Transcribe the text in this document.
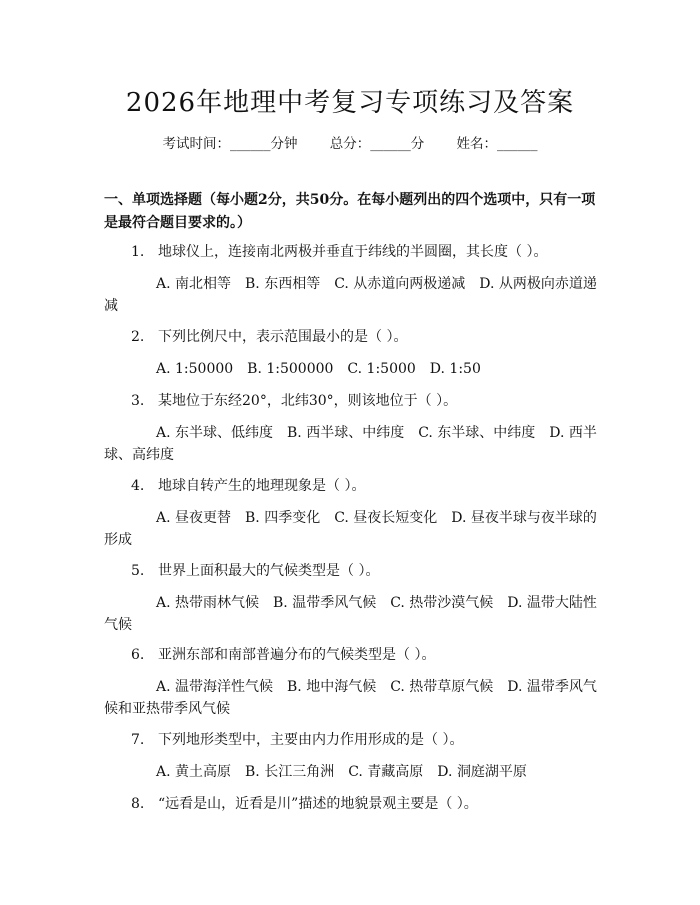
2026年地理中考复习专项练习及答案
考试时间：______分钟 总分：______分 姓名：______
一、单项选择题（每小题2分，共50分。在每小题列出的四个选项中，只有一项是最符合题目要求的。）
1. 地球仪上，连接南北两极并垂直于纬线的半圆圈，其长度（ ）。
A. 南北相等　B. 东西相等　C. 从赤道向两极递减　D. 从两极向赤道递减
2. 下列比例尺中，表示范围最小的是（ ）。
A. 1:50000　B. 1:500000　C. 1:5000　D. 1:50
3. 某地位于东经20°，北纬30°，则该地位于（ ）。
A. 东半球、低纬度　B. 西半球、中纬度　C. 东半球、中纬度　D. 西半球、高纬度
4. 地球自转产生的地理现象是（ ）。
A. 昼夜更替　B. 四季变化　C. 昼夜长短变化　D. 昼夜半球与夜半球的形成
5. 世界上面积最大的气候类型是（ ）。
A. 热带雨林气候　B. 温带季风气候　C. 热带沙漠气候　D. 温带大陆性气候
6. 亚洲东部和南部普遍分布的气候类型是（ ）。
A. 温带海洋性气候　B. 地中海气候　C. 热带草原气候　D. 温带季风气候和亚热带季风气候
7. 下列地形类型中，主要由内力作用形成的是（ ）。
A. 黄土高原　B. 长江三角洲　C. 青藏高原　D. 洞庭湖平原
8. “远看是山，近看是川”描述的地貌景观主要是（ ）。
